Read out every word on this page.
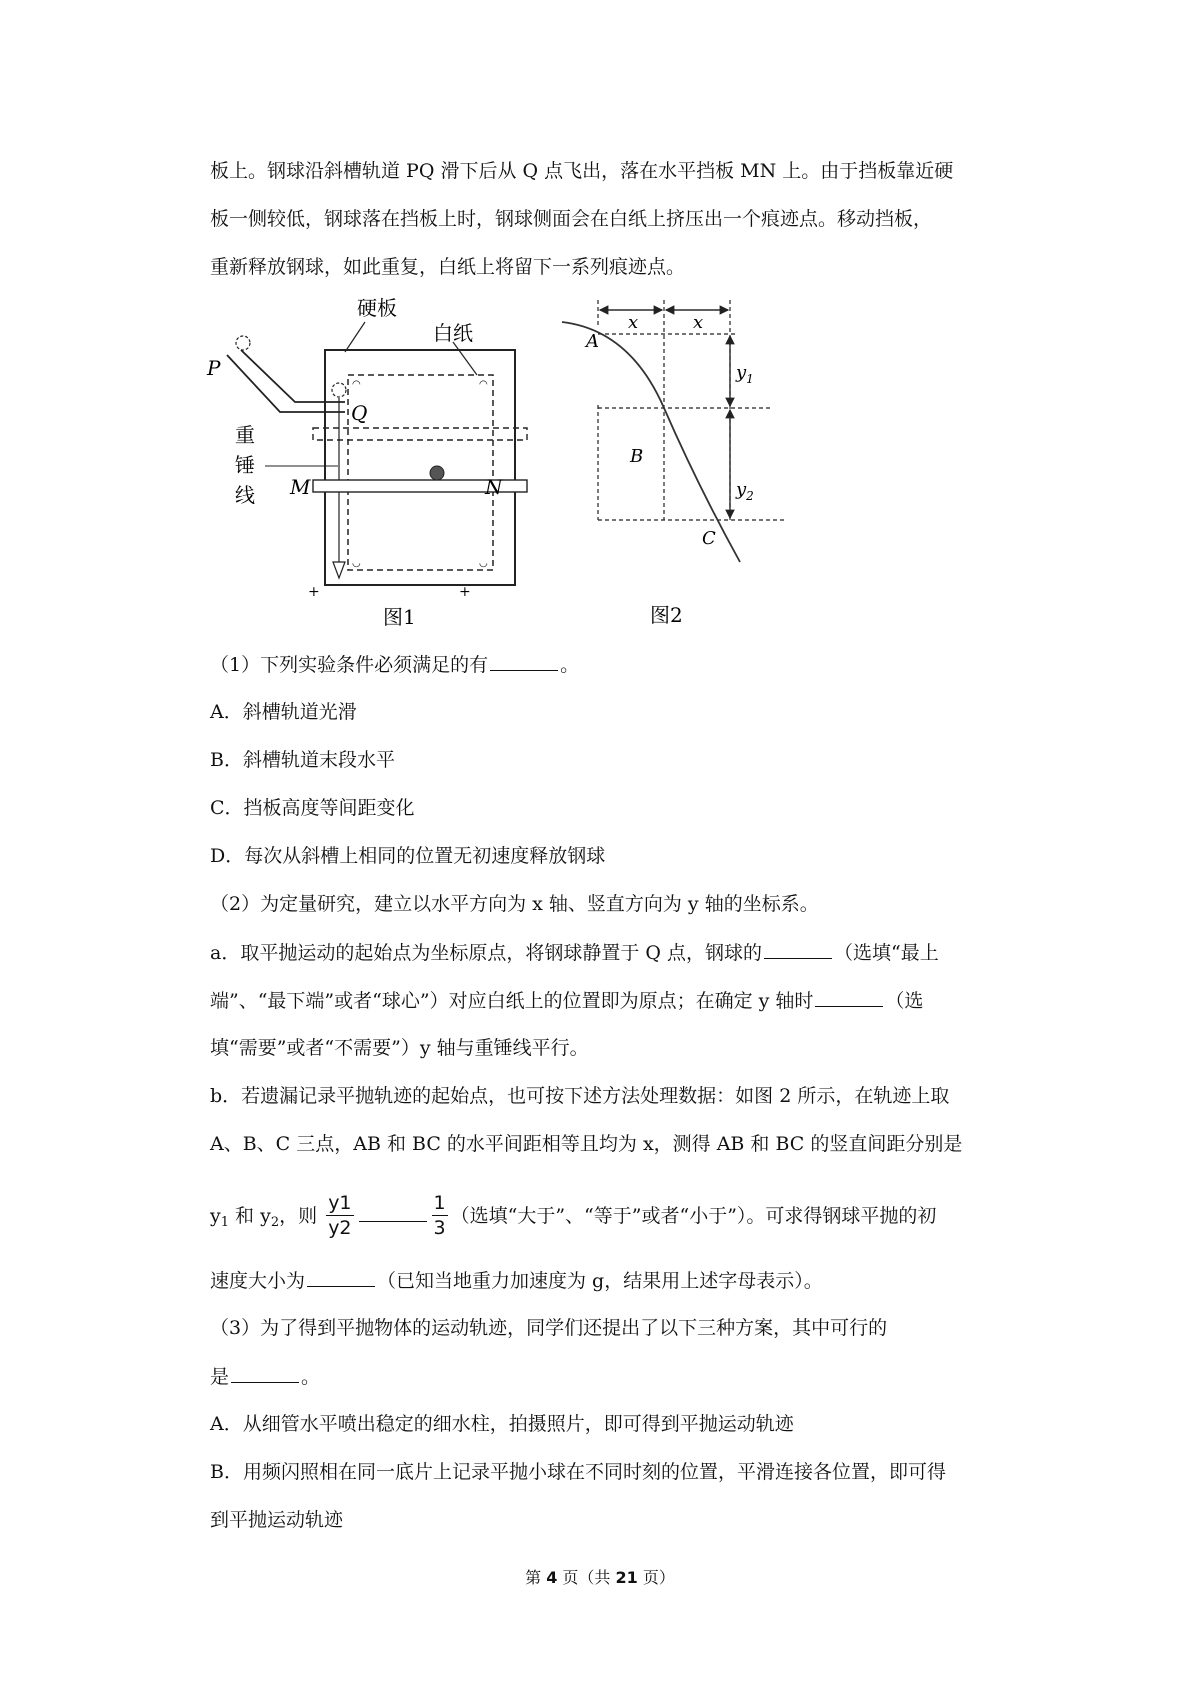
板上。钢球沿斜槽轨道 PQ 滑下后从 Q 点飞出，落在水平挡板 MN 上。由于挡板靠近硬
板一侧较低，钢球落在挡板上时，钢球侧面会在白纸上挤压出一个痕迹点。移动挡板，
重新释放钢球，如此重复，白纸上将留下一系列痕迹点。
◠	◠
◡
◡
硬板
白纸
P
Q
重
锤
线 M	N
+	+
图1
x	x
$y_1$
$y_2$
A
B
C
图2
（1）下列实验条件必须满足的有	。
A．斜槽轨道光滑
B．斜槽轨道末段水平
C．挡板高度等间距变化
D．每次从斜槽上相同的位置无初速度释放钢球
（2）为定量研究，建立以水平方向为 x 轴、竖直方向为 y 轴的坐标系。
a．取平抛运动的起始点为坐标原点，将钢球静置于 Q 点，钢球的	（选填“最上
端”、“最下端”或者“球心”）对应白纸上的位置即为原点；在确定 y 轴时	（选
填“需要”或者“不需要”）y 轴与重锤线平行。
b．若遗漏记录平抛轨迹的起始点，也可按下述方法处理数据：如图 2 所示，在轨迹上取
A、B、C 三点，AB 和 BC 的水平间距相等且均为 x，测得 AB 和 BC 的竖直间距分别是
$y_1$ 和 $y_2$，则 $\frac{y1}{y2}$	$\frac{1}{3}$ （选填“大于”、“等于”或者“小于”）。可求得钢球平抛的初
速度大小为	（已知当地重力加速度为 g，结果用上述字母表示）。
（3）为了得到平抛物体的运动轨迹，同学们还提出了以下三种方案，其中可行的
是	。
A．从细管水平喷出稳定的细水柱，拍摄照片，即可得到平抛运动轨迹
B．用频闪照相在同一底片上记录平抛小球在不同时刻的位置，平滑连接各位置，即可得
到平抛运动轨迹
第 4 页（共 21 页）
